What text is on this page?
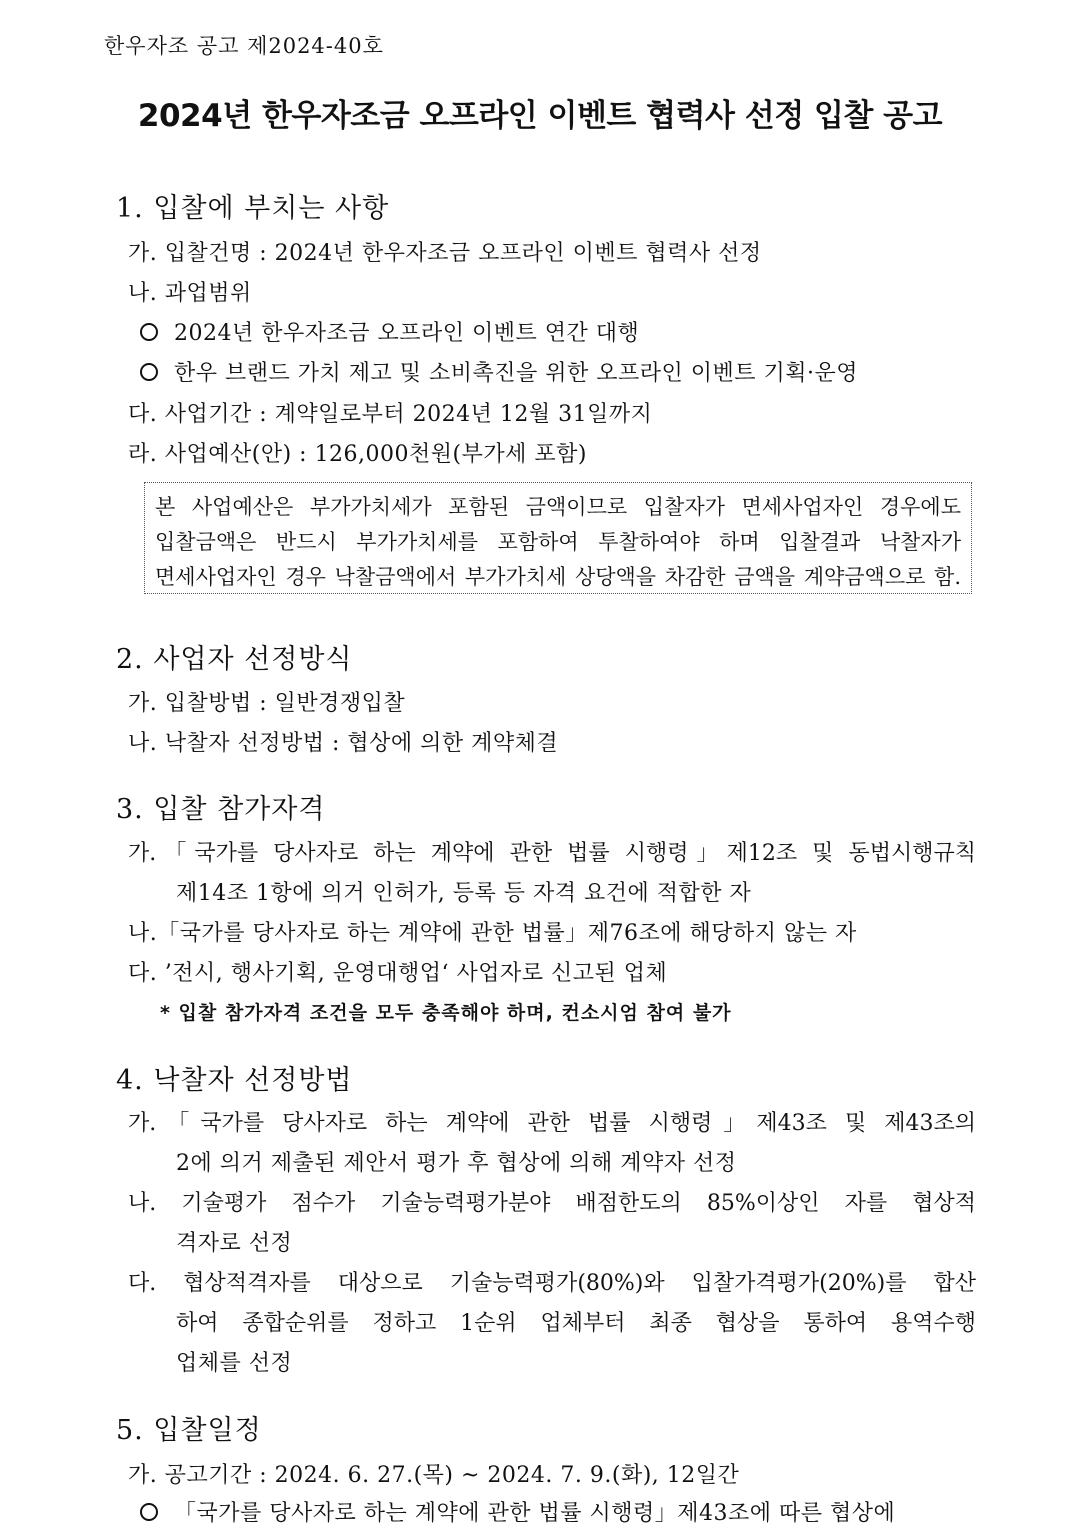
한우자조 공고 제2024-40호
2024년 한우자조금 오프라인 이벤트 협력사 선정 입찰 공고
1. 입찰에 부치는 사항
가. 입찰건명 : 2024년 한우자조금 오프라인 이벤트 협력사 선정
나. 과업범위
2024년 한우자조금 오프라인 이벤트 연간 대행
한우 브랜드 가치 제고 및 소비촉진을 위한 오프라인 이벤트 기획·운영
다. 사업기간 : 계약일로부터 2024년 12월 31일까지
라. 사업예산(안) : 126,000천원(부가세 포함)
본 사업예산은 부가가치세가 포함된 금액이므로 입찰자가 면세사업자인 경우에도
입찰금액은 반드시 부가가치세를 포함하여 투찰하여야 하며 입찰결과 낙찰자가
면세사업자인 경우 낙찰금액에서 부가가치세 상당액을 차감한 금액을 계약금액으로 함.
2. 사업자 선정방식
가. 입찰방법 : 일반경쟁입찰
나. 낙찰자 선정방법 : 협상에 의한 계약체결
3. 입찰 참가자격
가.「국가를 당사자로 하는 계약에 관한 법률 시행령」제12조 및 동법시행규칙
제14조 1항에 의거 인허가, 등록 등 자격 요건에 적합한 자
나.「국가를 당사자로 하는 계약에 관한 법률」제76조에 해당하지 않는 자
다. ’전시, 행사기획, 운영대행업‘ 사업자로 신고된 업체
* 입찰 참가자격 조건을 모두 충족해야 하며, 컨소시엄 참여 불가
4. 낙찰자 선정방법
가.「국가를 당사자로 하는 계약에 관한 법률 시행령」제43조 및 제43조의
2에 의거 제출된 제안서 평가 후 협상에 의해 계약자 선정
나. 기술평가 점수가 기술능력평가분야 배점한도의 85%이상인 자를 협상적
격자로 선정
다. 협상적격자를 대상으로 기술능력평가(80%)와 입찰가격평가(20%)를 합산
하여 종합순위를 정하고 1순위 업체부터 최종 협상을 통하여 용역수행
업체를 선정
5. 입찰일정
가. 공고기간 : 2024. 6. 27.(목) ~ 2024. 7. 9.(화), 12일간
「국가를 당사자로 하는 계약에 관한 법률 시행령」제43조에 따른 협상에
